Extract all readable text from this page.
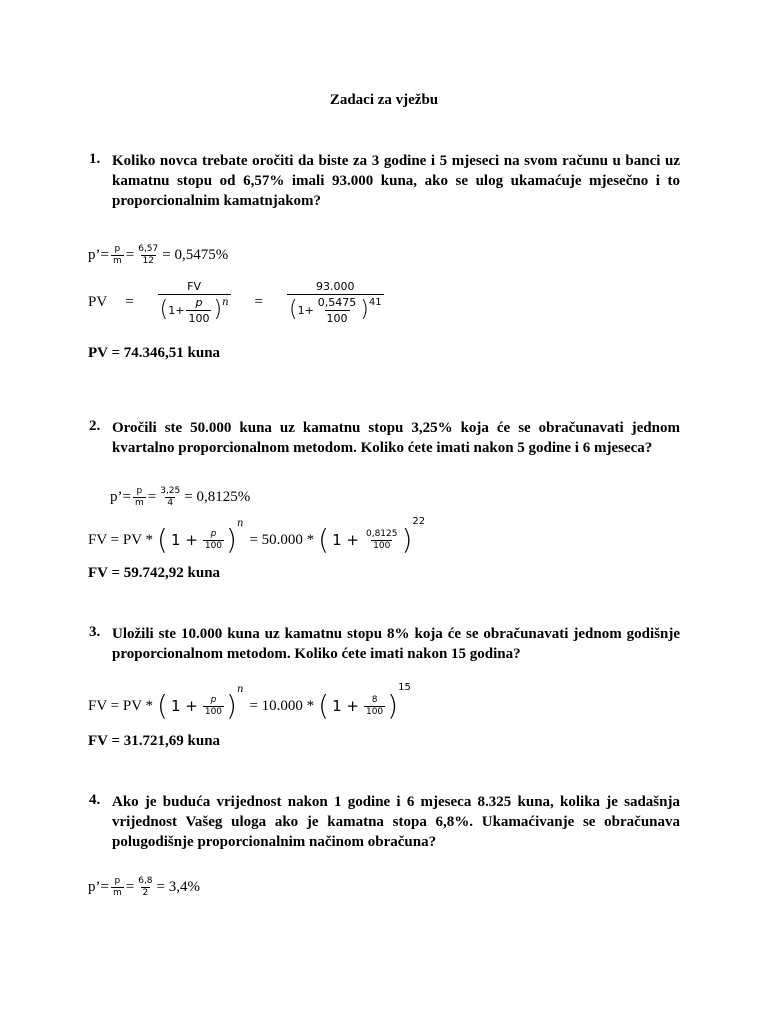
Zadaci za vježbu
1. Koliko novca trebate oročiti da biste za 3 godine i 5 mjeseci na svom računu u banci uz kamatnu stopu od 6,57% imali 93.000 kuna, ako se ulog ukamaćuje mjesečno i to proporcionalnim kamatnjakom?
p’= $\frac{p}{m} = \frac{6,57}{12} = 0,5475\%$
PV =
FV
( $1+ \frac{p}{100}$ ) n =
93.000
( $1+ \frac{0,5475}{100}$ ) 41
PV = 74.346,51 kuna
2. Oročili ste 50.000 kuna uz kamatnu stopu 3,25% koja će se obračunavati jednom kvartalno proporcionalnom metodom. Koliko ćete imati nakon 5 godine i 6 mjeseca?
p’= $\frac{p}{m} = \frac{3,25}{4} = 0,8125\%$
FV = PV * ( $1 + \frac{p}{100}$ ) n
= 50.000 * ( $1 + \frac{0,8125}{100}$ )
22
FV = 59.742,92 kuna
3. Uložili ste 10.000 kuna uz kamatnu stopu 8% koja će se obračunavati jednom godišnje proporcionalnom metodom. Koliko ćete imati nakon 15 godina?
FV = PV * ( $1 + \frac{p}{100}$ ) n
= 10.000 * ( $1 + \frac{8}{100}$ )
15
FV = 31.721,69 kuna
4. Ako je buduća vrijednost nakon 1 godine i 6 mjeseca 8.325 kuna, kolika je sadašnja vrijednost Vašeg uloga ako je kamatna stopa 6,8%. Ukamaćivanje se obračunava polugodišnje proporcionalnim načinom obračuna?
p’= $\frac{p}{m} = \frac{6,8}{2} = 3,4\%$
